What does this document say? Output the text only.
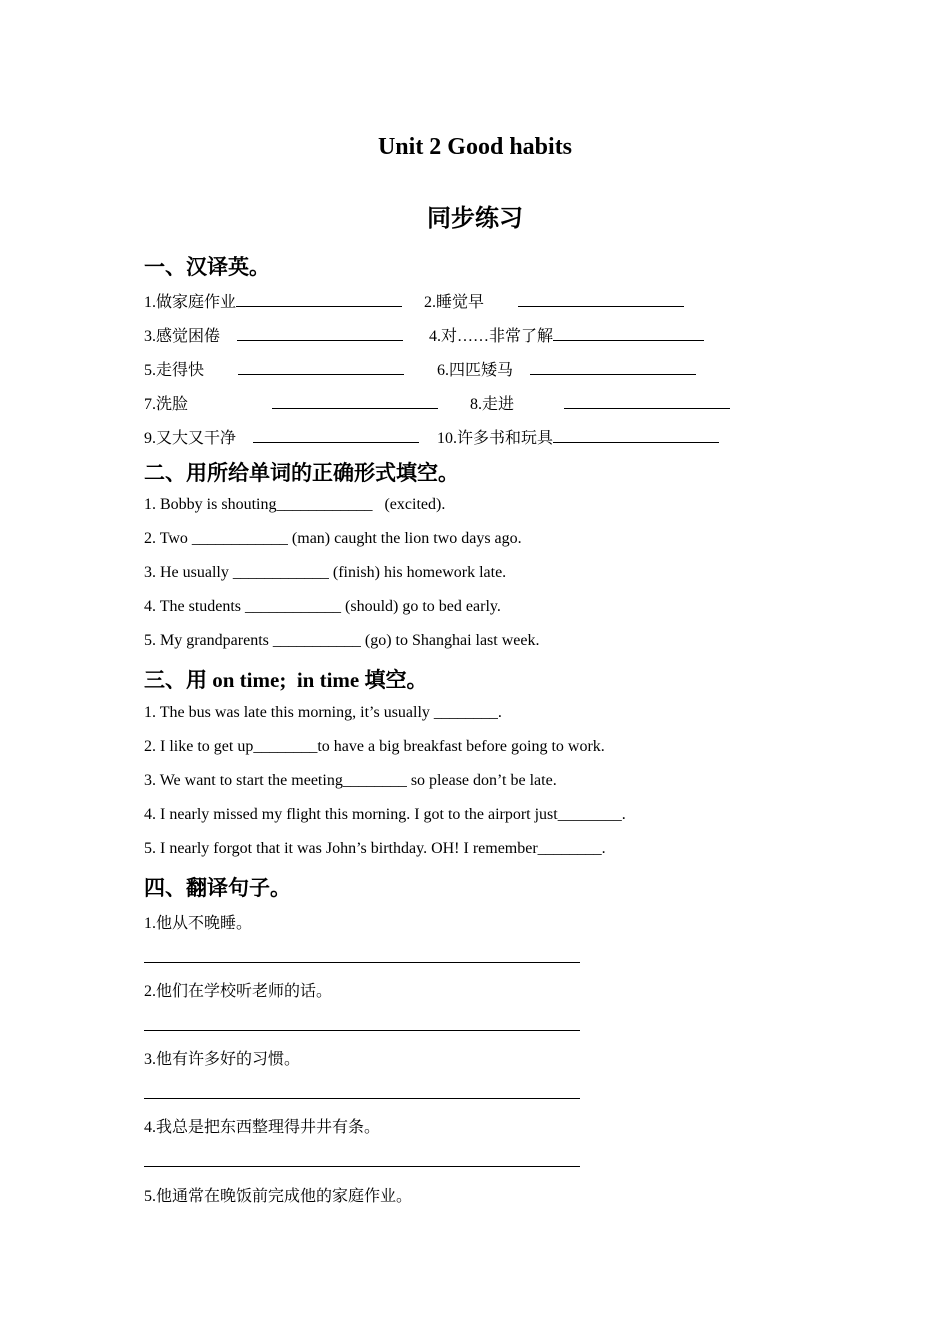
Unit 2 Good habits
同步练习
一、汉译英。
1.做家庭作业	2.睡觉早
3.感觉困倦	4.对……非常了解
5.走得快	6.四匹矮马
7.洗脸	8.走进
9.又大又干净	10.许多书和玩具
二、用所给单词的正确形式填空。
1. Bobby is shouting____________   (excited).
2. Two ____________ (man) caught the lion two days ago.
3. He usually ____________ (finish) his homework late.
4. The students ____________ (should) go to bed early.
5. My grandparents ___________ (go) to Shanghai last week.
三、用 on time;  in time 填空。
1. The bus was late this morning, it’s usually ________.
2. I like to get up________to have a big breakfast before going to work.
3. We want to start the meeting________ so please don’t be late.
4. I nearly missed my flight this morning. I got to the airport just________.
5. I nearly forgot that it was John’s birthday. OH! I remember________.
四、翻译句子。
1.他从不晚睡。
2.他们在学校听老师的话。
3.他有许多好的习惯。
4.我总是把东西整理得井井有条。
5.他通常在晚饭前完成他的家庭作业。
